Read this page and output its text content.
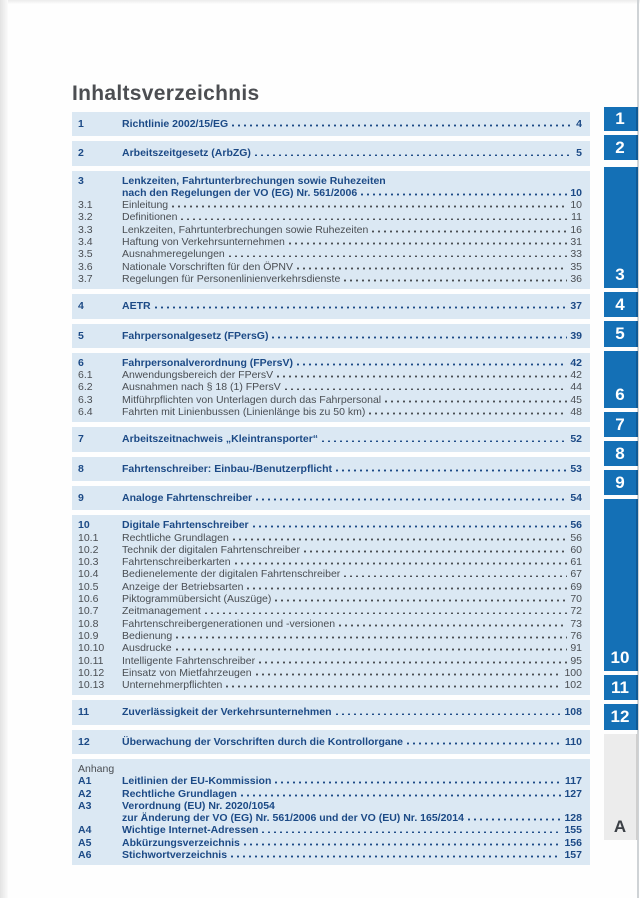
Inhaltsverzeichnis
1	Richtlinie 2002/15/EG	4
2	Arbeitszeitgesetz (ArbZG)	5
3	Lenkzeiten, Fahrtunterbrechungen sowie Ruhezeiten
nach den Regelungen der VO (EG) Nr. 561/2006	10
3.1	Einleitung	10
3.2	Definitionen	11
3.3	Lenkzeiten, Fahrtunterbrechungen sowie Ruhezeiten	16
3.4	Haftung von Verkehrsunternehmen	31
3.5	Ausnahmeregelungen	33
3.6	Nationale Vorschriften für den ÖPNV	35
3.7	Regelungen für Personenlinienverkehrsdienste	36
4	AETR	37
5	Fahrpersonalgesetz (FPersG)	39
6	Fahrpersonalverordnung (FPersV)	42
6.1	Anwendungsbereich der FPersV	42
6.2	Ausnahmen nach § 18 (1) FPersV	44
6.3	Mitführpflichten von Unterlagen durch das Fahrpersonal	45
6.4	Fahrten mit Linienbussen (Linienlänge bis zu 50 km)	48
7	Arbeitszeitnachweis „Kleintransporter“	52
8	Fahrtenschreiber: Einbau-/Benutzerpflicht	53
9	Analoge Fahrtenschreiber	54
10	Digitale Fahrtenschreiber	56
10.1	Rechtliche Grundlagen	56
10.2	Technik der digitalen Fahrtenschreiber	60
10.3	Fahrtenschreiberkarten	61
10.4	Bedienelemente der digitalen Fahrtenschreiber	67
10.5	Anzeige der Betriebsarten	69
10.6	Piktogrammübersicht (Auszüge)	70
10.7	Zeitmanagement	72
10.8	Fahrtenschreibergenerationen und -versionen	73
10.9	Bedienung	76
10.10	Ausdrucke	91
10.11	Intelligente Fahrtenschreiber	95
10.12	Einsatz von Mietfahrzeugen	100
10.13	Unternehmerpflichten	102
11	Zuverlässigkeit der Verkehrsunternehmen	108
12	Überwachung der Vorschriften durch die Kontrollorgane	110
Anhang
A1	Leitlinien der EU-Kommission	117
A2	Rechtliche Grundlagen	127
A3	Verordnung (EU) Nr. 2020/1054
zur Änderung der VO (EG) Nr. 561/2006 und der VO (EU) Nr. 165/2014	128
A4	Wichtige Internet-Adressen	155
A5	Abkürzungsverzeichnis	156
A6	Stichwortverzeichnis	157
1
2
3
4
5
6
7
8
9
10
11
12
A
